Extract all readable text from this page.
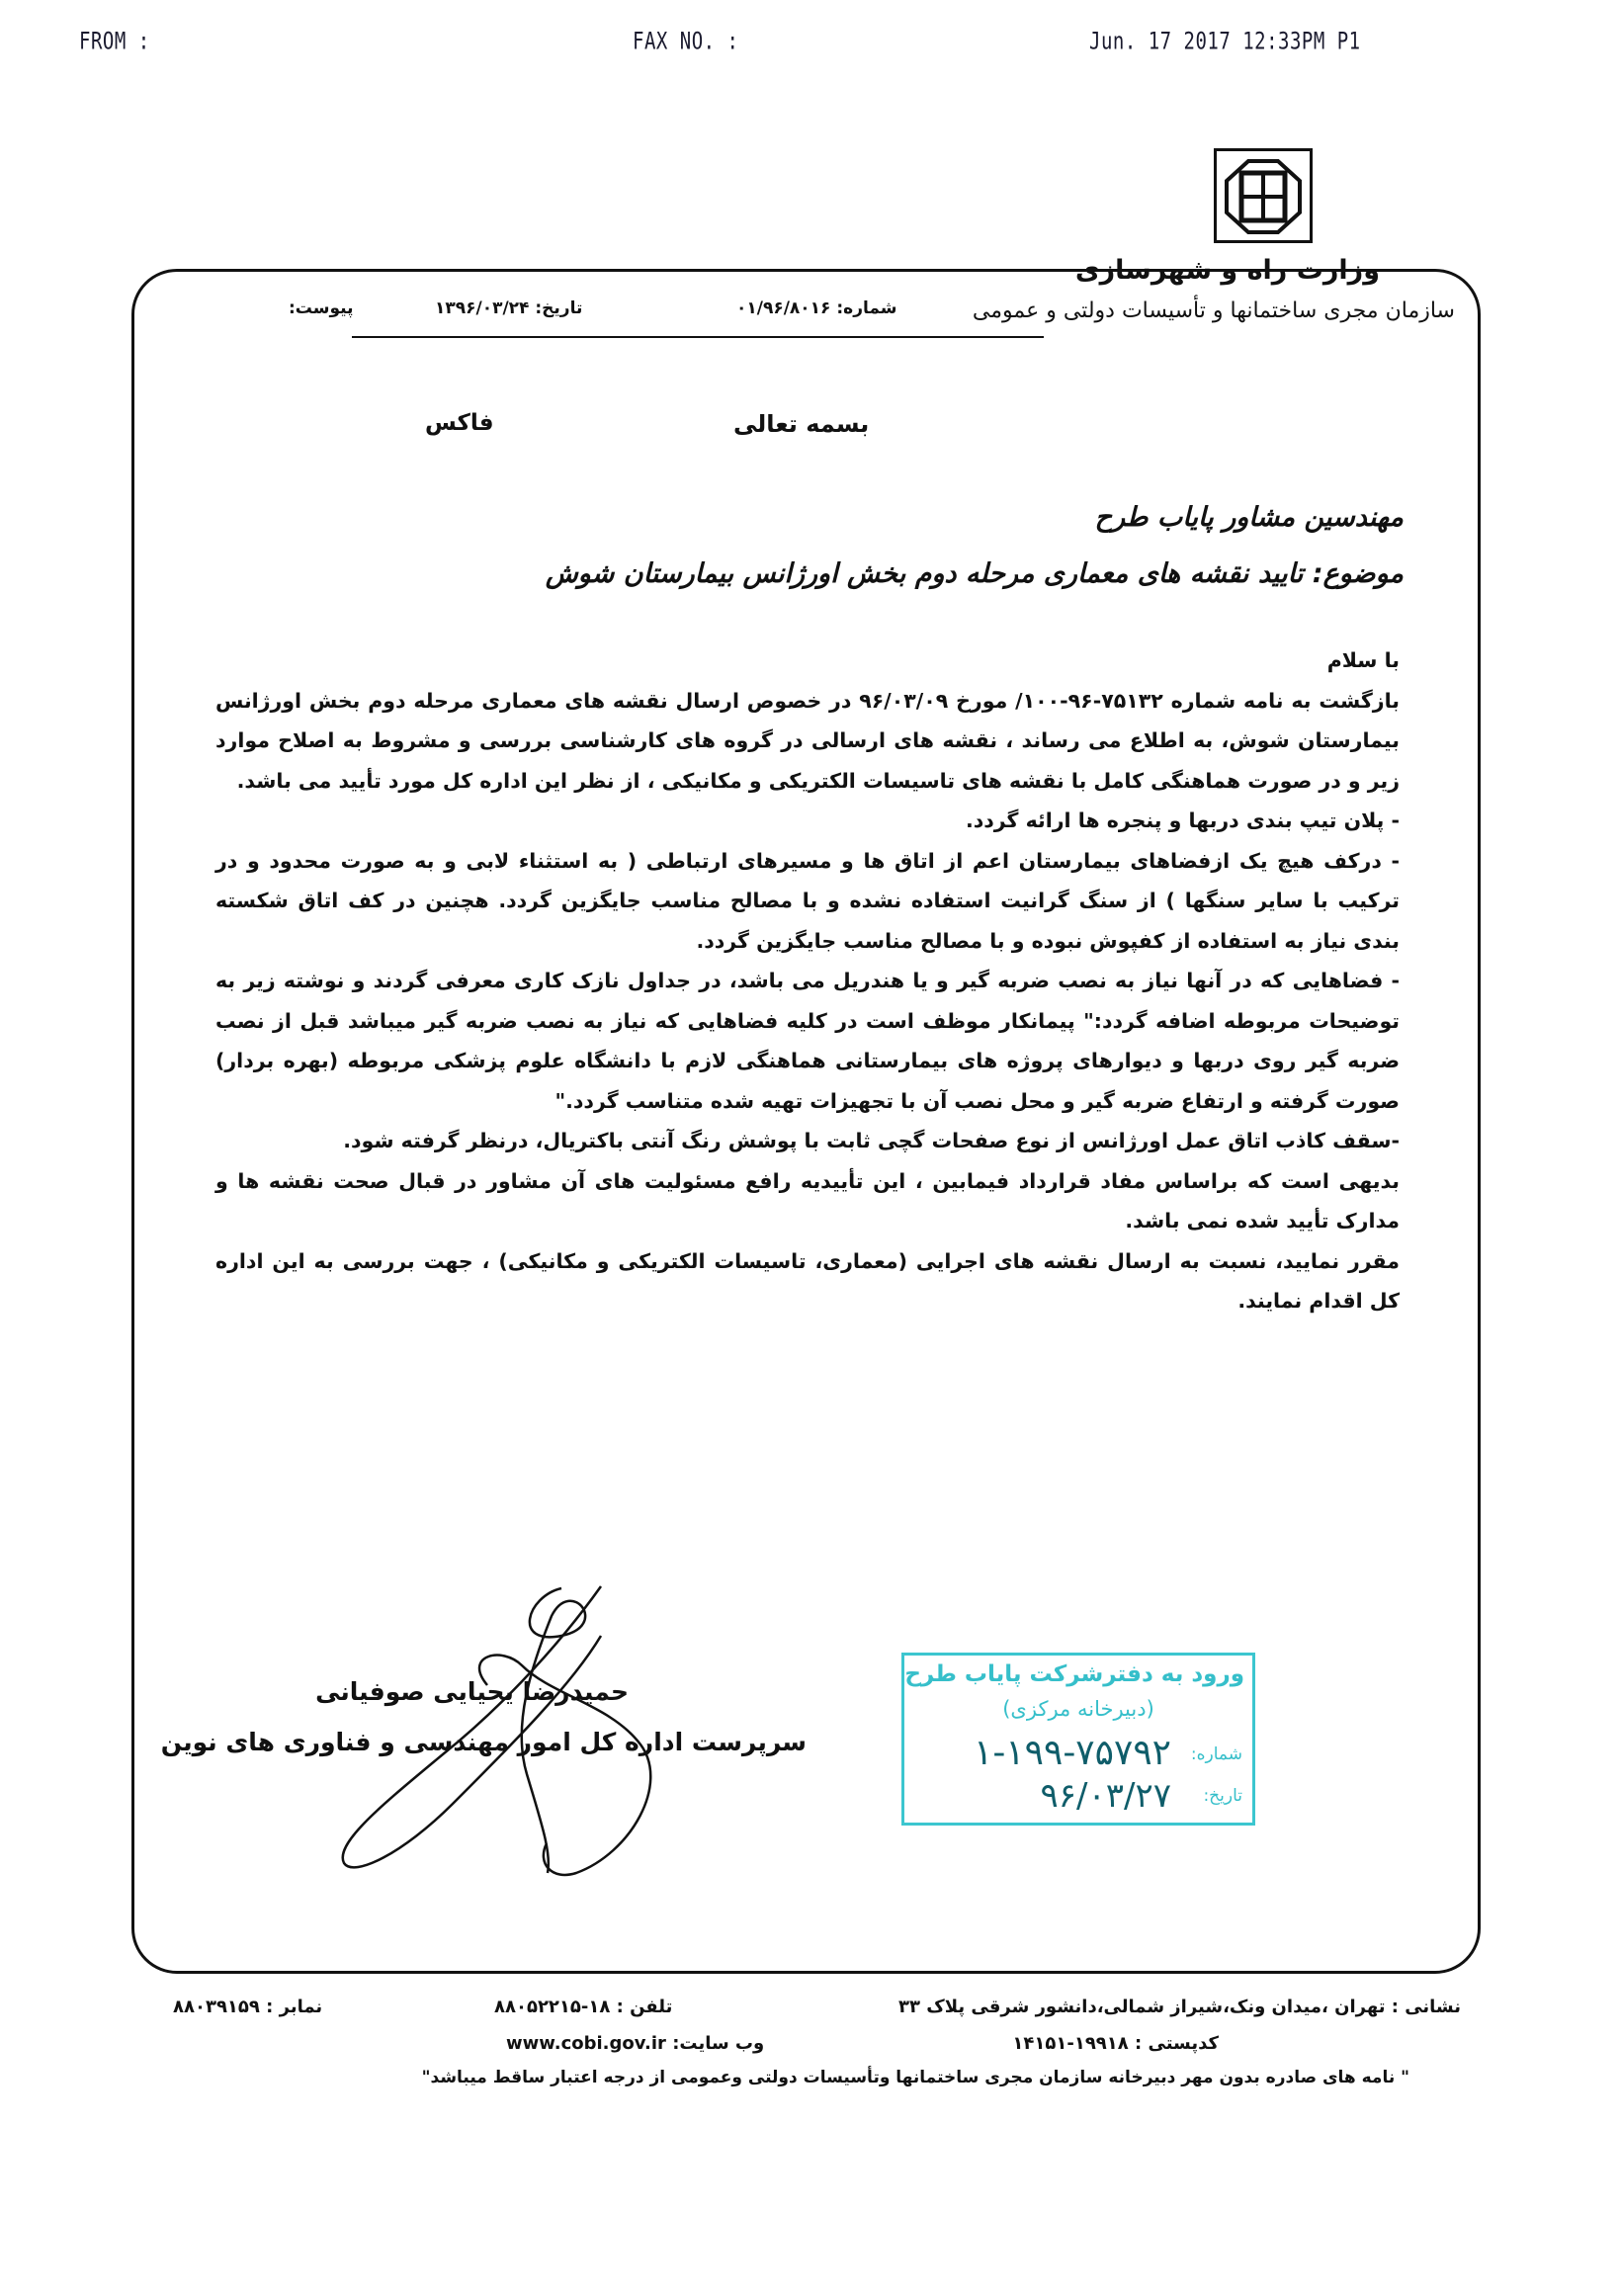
FROM :	FAX NO. :	Jun. 17 2017 12:33PM P1
وزارت راه و شهرسازی
سازمان مجری ساختمانها و تأسیسات دولتی و عمومی
شماره: ۰۱/۹۶/۸۰۱۶
تاریخ: ۱۳۹۶/۰۳/۲۴
پیوست:
بسمه تعالی
فاکس
مهندسین مشاور پایاب طرح
موضوع: تایید نقشه های معماری مرحله دوم بخش اورژانس بیمارستان شوش

با سلام

بازگشت به نامه شماره ۷۵۱۳۲-۹۶-۱۰۰/ مورخ ۹۶/۰۳/۰۹ در خصوص ارسال نقشه های معماری مرحله دوم بخش اورژانس بیمارستان شوش، به اطلاع می رساند ، نقشه های ارسالی در گروه های کارشناسی بررسی و مشروط به اصلاح موارد زیر و در صورت هماهنگی کامل با نقشه های تاسیسات الکتریکی و مکانیکی ، از نظر این اداره کل مورد تأیید می باشد.

- پلان تیپ بندی دربها و پنجره ها ارائه گردد.

- درکف هیچ یک ازفضاهای بیمارستان اعم از اتاق ها و مسیرهای ارتباطی ( به استثناء لابی و به صورت محدود و در ترکیب با سایر سنگها ) از سنگ گرانیت استفاده نشده و با مصالح مناسب جایگزین گردد. هچنین در کف اتاق شکسته بندی نیاز به استفاده از کفپوش نبوده و با مصالح مناسب جایگزین گردد.

- فضاهایی که در آنها نیاز به نصب ضربه گیر و یا هندریل می باشد، در جداول نازک کاری معرفی گردند و نوشته زیر به توضیحات مربوطه اضافه گردد:" پیمانکار موظف است در کلیه فضاهایی که نیاز به نصب ضربه گیر میباشد قبل از نصب ضربه گیر روی دربها و دیوارهای پروژه های بیمارستانی هماهنگی لازم با دانشگاه علوم پزشکی مربوطه (بهره بردار) صورت گرفته و ارتفاع ضربه گیر و محل نصب آن با تجهیزات تهیه شده متناسب گردد."

-سقف کاذب اتاق عمل اورژانس از نوع صفحات گچی ثابت با پوشش رنگ آنتی باکتریال، درنظر گرفته شود.

بدیهی است که براساس مفاد قرارداد فیمابین ، این تأییدیه رافع مسئولیت های آن مشاور در قبال صحت نقشه ها و مدارک تأیید شده نمی باشد.

مقرر نمایید، نسبت به ارسال نقشه های اجرایی (معماری، تاسیسات الکتریکی و مکانیکی) ، جهت بررسی به این اداره کل اقدام نمایند.

حمیدرضا یحیایی صوفیانی
سرپرست اداره کل امور مهندسی و فناوری های نوین
ورود به دفترشرکت پایاب طرح
(دبیرخانه مرکزی)
شماره:
۱-۱۹۹-۷۵۷۹۲
تاریخ:
۹۶/۰۳/۲۷
نشانی : تهران ،میدان ونک،شیراز شمالی،دانشور شرقی پلاک ۳۳
تلفن : ۱۸-۸۸۰۵۲۲۱۵
نمابر : ۸۸۰۳۹۱۵۹
کدپستی : ۱۹۹۱۸-۱۴۱۵۱
وب سایت: www.cobi.gov.ir
" نامه های صادره بدون مهر دبیرخانه سازمان مجری ساختمانها وتأسیسات دولتی وعمومی از درجه اعتبار ساقط میباشد"
